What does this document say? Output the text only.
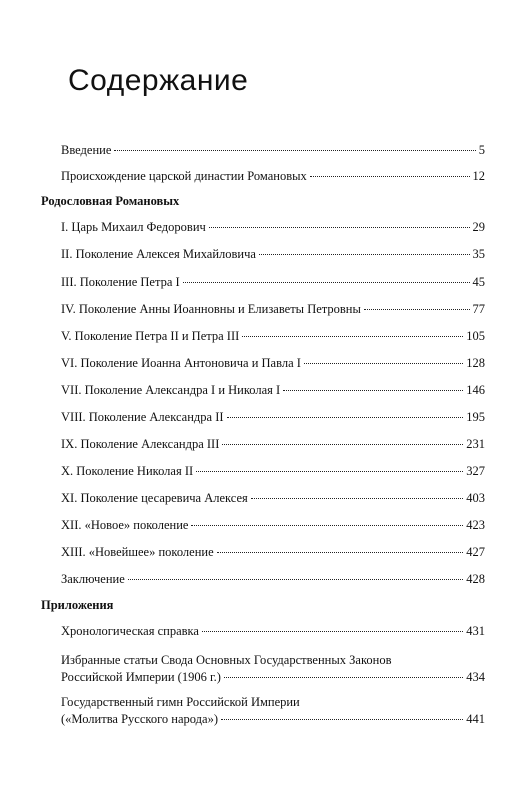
Содержание
Введение	5
Происхождение царской династии Романовых	12
Родословная Романовых
I. Царь Михаил Федорович	29
II. Поколение Алексея Михайловича	35
III. Поколение Петра I	45
IV. Поколение Анны Иоанновны и Елизаветы Петровны	77
V. Поколение Петра II и Петра III	105
VI. Поколение Иоанна Антоновича и Павла I	128
VII. Поколение Александра I и Николая I	146
VIII. Поколение Александра II	195
IX. Поколение Александра III	231
X. Поколение Николая II	327
XI. Поколение цесаревича Алексея	403
XII. «Новое» поколение	423
XIII. «Новейшее» поколение	427
Заключение	428
Приложения
Хронологическая справка	431
Избранные статьи Свода Основных Государственных Законов
Российской Империи (1906 г.)	434
Государственный гимн Российской Империи
(«Молитва Русского народа»)	441
